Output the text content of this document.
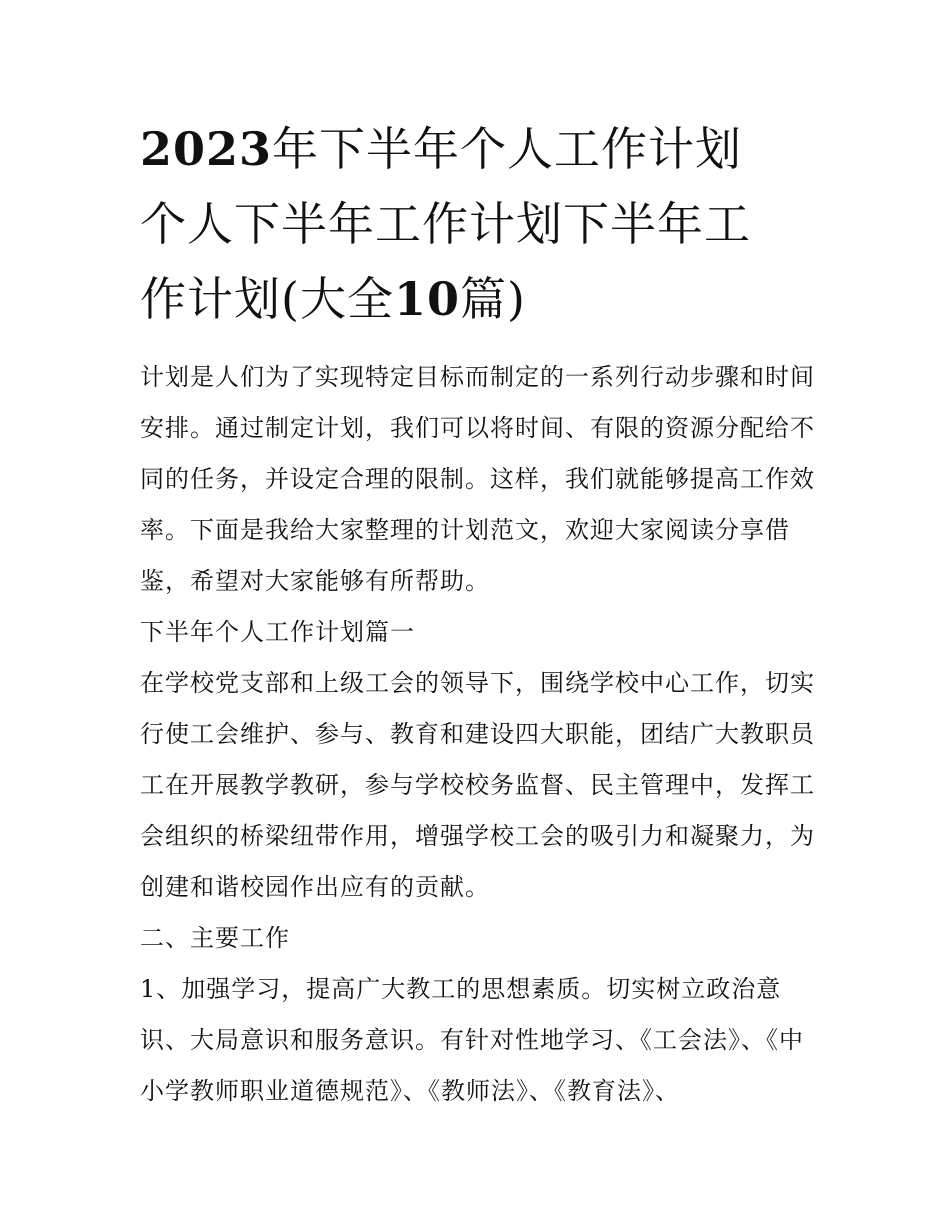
2023年下半年个人工作计划
个人下半年工作计划下半年工
作计划(大全10篇)

计划是人们为了实现特定目标而制定的一系列行动步骤和时间安排。通过制定计划，我们可以将时间、有限的资源分配给不同的任务，并设定合理的限制。这样，我们就能够提高工作效率。下面是我给大家整理的计划范文，欢迎大家阅读分享借鉴，希望对大家能够有所帮助。

下半年个人工作计划篇一

在学校党支部和上级工会的领导下，围绕学校中心工作，切实行使工会维护、参与、教育和建设四大职能，团结广大教职员工在开展教学教研，参与学校校务监督、民主管理中，发挥工会组织的桥梁纽带作用，增强学校工会的吸引力和凝聚力，为创建和谐校园作出应有的贡献。

二、主要工作

1、加强学习，提高广大教工的思想素质。切实树立政治意识、大局意识和服务意识。有针对性地学习、《工会法》、《中小学教师职业道德规范》、《教师法》、《教育法》、
